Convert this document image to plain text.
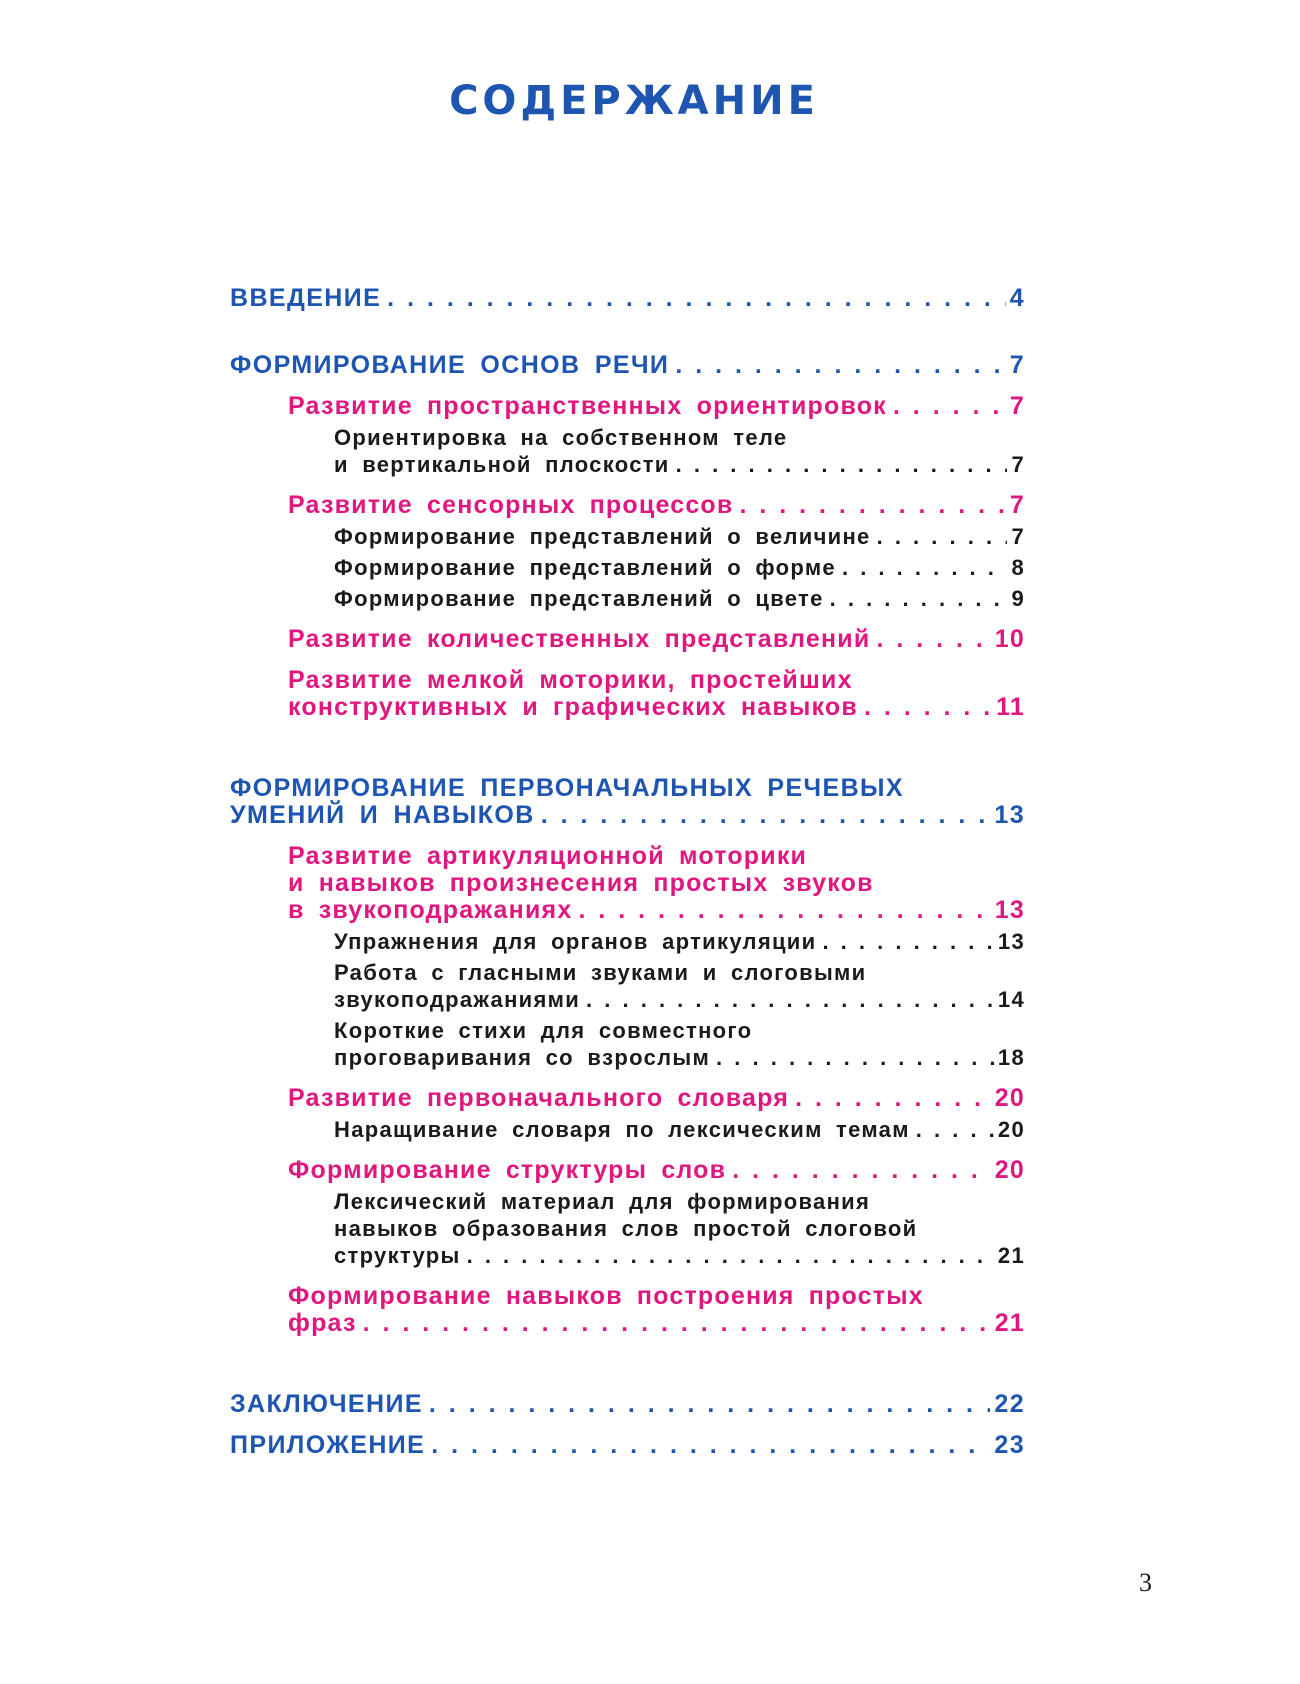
СОДЕРЖАНИЕ
ВВЕДЕНИЕ . . .	4
ФОРМИРОВАНИЕ ОСНОВ РЕЧИ . . .	7
Развитие пространственных ориентировок . . .	7
Ориентировка на собственном теле
и вертикальной плоскости . . .	7
Развитие сенсорных процессов . . .	7
Формирование представлений о величине . . .	7
Формирование представлений о форме . . .	8
Формирование представлений о цвете . . .	9
Развитие количественных представлений . . .	10
Развитие мелкой моторики, простейших
конструктивных и графических навыков . . .	11
ФОРМИРОВАНИЕ ПЕРВОНАЧАЛЬНЫХ РЕЧЕВЫХ
УМЕНИЙ И НАВЫКОВ . . .	13
Развитие артикуляционной моторики
и навыков произнесения простых звуков
в звукоподражаниях . . .	13
Упражнения для органов артикуляции . . .	13
Работа с гласными звуками и слоговыми
звукоподражаниями . . .	14
Короткие стихи для совместного
проговаривания со взрослым . . .	18
Развитие первоначального словаря . . .	20
Наращивание словаря по лексическим темам . . .	20
Формирование структуры слов . . .	20
Лексический материал для формирования
навыков образования слов простой слоговой
структуры . . .	21
Формирование навыков построения простых
фраз . . .	21
ЗАКЛЮЧЕНИЕ . . .	22
ПРИЛОЖЕНИЕ . . .	23
3
